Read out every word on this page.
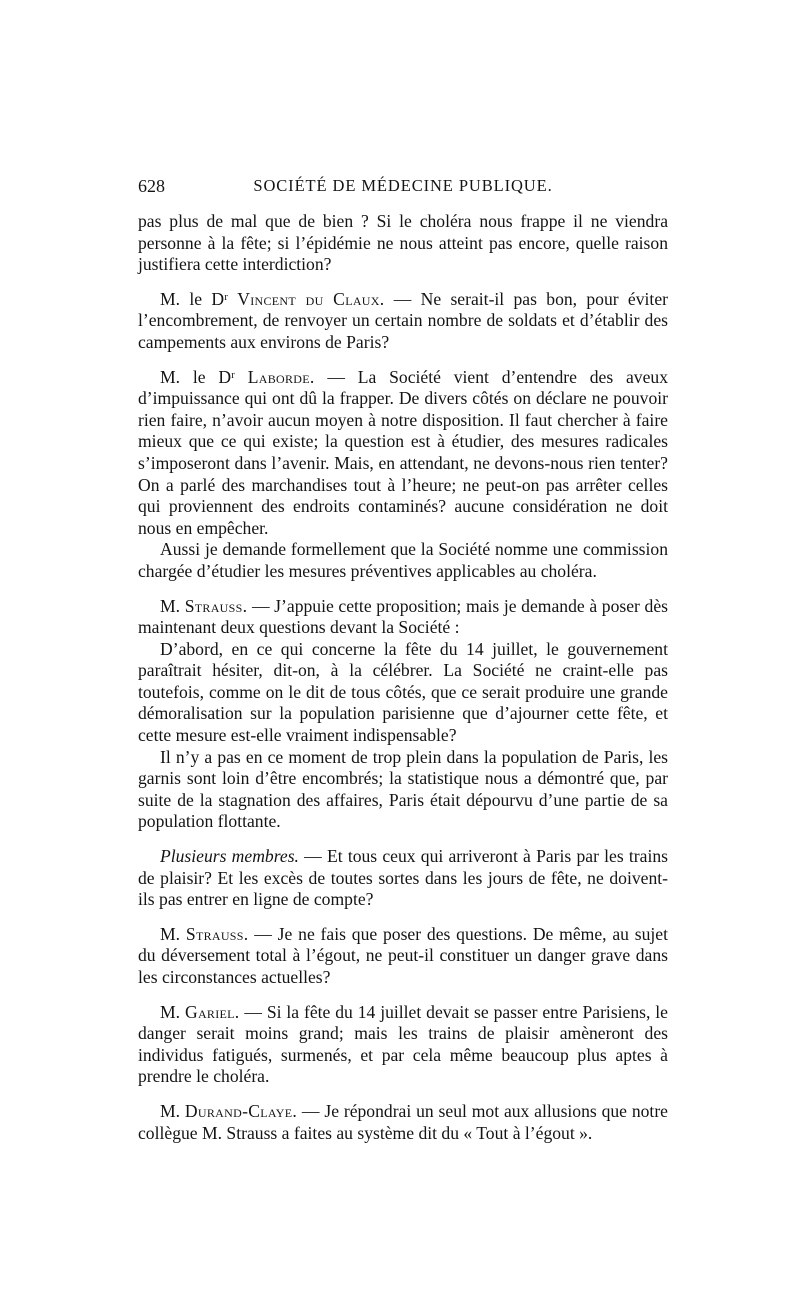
628	SOCIÉTÉ DE MÉDECINE PUBLIQUE.

pas plus de mal que de bien ? Si le choléra nous frappe il ne viendra personne à la fête; si l’épidémie ne nous atteint pas encore, quelle raison justifiera cette interdiction?

M. le Dʳ Vincent du Claux. — Ne serait-il pas bon, pour éviter l’encombrement, de renvoyer un certain nombre de soldats et d’établir des campements aux environs de Paris?

M. le Dʳ Laborde. — La Société vient d’entendre des aveux d’impuissance qui ont dû la frapper. De divers côtés on déclare ne pouvoir rien faire, n’avoir aucun moyen à notre disposition. Il faut chercher à faire mieux que ce qui existe; la question est à étudier, des mesures radicales s’imposeront dans l’avenir. Mais, en attendant, ne devons-nous rien tenter? On a parlé des marchandises tout à l’heure; ne peut-on pas arrêter celles qui proviennent des endroits contaminés? aucune considération ne doit nous en empêcher.

Aussi je demande formellement que la Société nomme une commission chargée d’étudier les mesures préventives applicables au choléra.

M. Strauss. — J’appuie cette proposition; mais je demande à poser dès maintenant deux questions devant la Société :

D’abord, en ce qui concerne la fête du 14 juillet, le gouvernement paraîtrait hésiter, dit-on, à la célébrer. La Société ne craint-elle pas toutefois, comme on le dit de tous côtés, que ce serait produire une grande démoralisation sur la population parisienne que d’ajourner cette fête, et cette mesure est-elle vraiment indispensable?

Il n’y a pas en ce moment de trop plein dans la population de Paris, les garnis sont loin d’être encombrés; la statistique nous a démontré que, par suite de la stagnation des affaires, Paris était dépourvu d’une partie de sa population flottante.

Plusieurs membres. — Et tous ceux qui arriveront à Paris par les trains de plaisir? Et les excès de toutes sortes dans les jours de fête, ne doivent-ils pas entrer en ligne de compte?

M. Strauss. — Je ne fais que poser des questions. De même, au sujet du déversement total à l’égout, ne peut-il constituer un danger grave dans les circonstances actuelles?

M. Gariel. — Si la fête du 14 juillet devait se passer entre Parisiens, le danger serait moins grand; mais les trains de plaisir amèneront des individus fatigués, surmenés, et par cela même beaucoup plus aptes à prendre le choléra.

M. Durand-Claye. — Je répondrai un seul mot aux allusions que notre collègue M. Strauss a faites au système dit du « Tout à l’égout ».
